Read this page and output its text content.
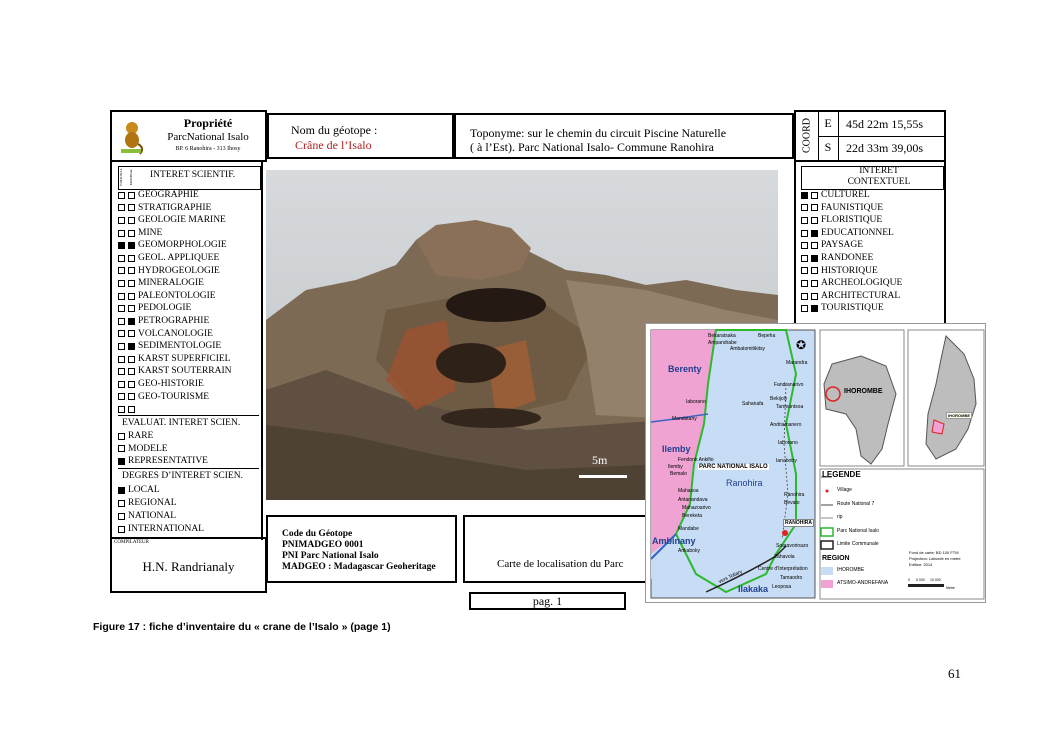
Propriété
ParcNational Isalo
BP. 6 Ranohira - 313 Ihosy
Nom du géotope :
Crâne de l’Isalo
Toponyme: sur le chemin du circuit Piscine Naturelle
( à l’Est). Parc National Isalo- Commune Ranohira	COORD E	45d 22m 15,55s
S	22d 33m 39,00s
NATIONAL MONDIAL INTERET SCIENTIF.
GEOGRAPHIE
STRATIGRAPHIE
GEOLOGIE MARINE
MINE
GEOMORPHOLOGIE
GEOL. APPLIQUEE
HYDROGEOLOGIE
MINERALOGIE
PALEONTOLOGIE
PEDOLOGIE
PETROGRAPHIE
VOLCANOLOGIE
SEDIMENTOLOGIE
KARST SUPERFICIEL
KARST SOUTERRAIN
GEO-HISTORIE
GEO-TOURISME
EVALUAT. INTERET SCIEN.
RARE
MODELE
REPRESENTATIVE
DEGRES D’INTERET SCIEN.
LOCAL
REGIONAL
NATIONAL
INTERNATIONAL
COMPILATEUR
H.N. Randrianaly
5m
INTERET
CONTEXTUEL
CULTUREL
FAUNISTIQUE
FLORISTIQUE
EDUCATIONNEL
PAYSAGE
RANDONEE
HISTORIQUE
ARCHEOLOGIQUE
ARCHITECTURAL
TOURISTIQUE
Code du Géotope
PNIMADGEO 0001
PNI Parc National Isalo
MADGEO : Madagascar Geoheritage	Carte de localisation du Parc
pag. 1
✪
Berenty
Ilemby
PARC NATIONAL ISALO
Ranohira
Ambinany
Ilakaka
RANOHIRA
vers Toliary
Bekaratsaka	Bepeha
Ampandrabe
Ambatomitikitsy
Marandra
Fandranarivo
Sahanafa
Bekijoly
Tameantsoa
Andriamanero
Iaborano
Ianabotry
Ranohira
Bevato
Iaborano
Mandatany
Fendonk Ankifio
Ilemby
Bemalo
Mahasoa
Antanandava
Mahazoarivo
Bereketa
Mandabe
Ankaboky
Soaravorinazo
Zahavola
Centre d'Interprétation
Tamaodro
Leoposa
IHOROMBE
IHOROMBE
LEGENDE
Village
Route National 7
rip
Parc National Isalo
Limite Communale
REGION
IHOROMBE
ATSIMO-ANDREFANA
Fond de carte: BD 100 FTM
Projection: Laborde en metre
Edition: 2014
0 5 000 10 000
Metre
Figure 17 : fiche d’inventaire du « crane de l’Isalo » (page 1)
61
